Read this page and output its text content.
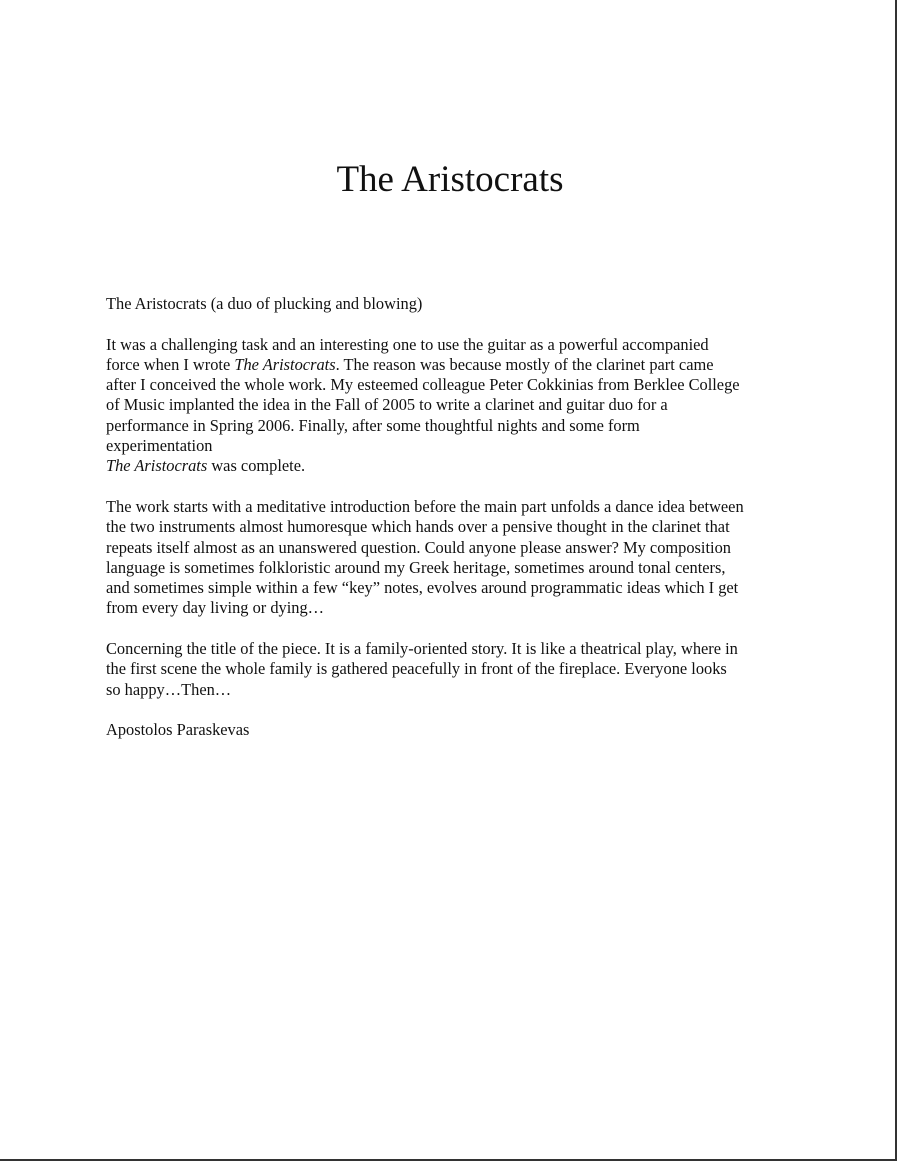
The Aristocrats

The Aristocrats (a duo of plucking and blowing)

It was a challenging task and an interesting one to use the guitar as a powerful accompanied
force when I wrote The Aristocrats. The reason was because mostly of the clarinet part came
after I conceived the whole work. My esteemed colleague Peter Cokkinias from Berklee College
of Music implanted the idea in the Fall of 2005 to write a clarinet and guitar duo for a
performance in Spring 2006. Finally, after some thoughtful nights and some form
experimentation
The Aristocrats was complete.

The work starts with a meditative introduction before the main part unfolds a dance idea between
the two instruments almost humoresque which hands over a pensive thought in the clarinet that
repeats itself almost as an unanswered question. Could anyone please answer? My composition
language is sometimes folkloristic around my Greek heritage, sometimes around tonal centers,
and sometimes simple within a few “key” notes, evolves around programmatic ideas which I get
from every day living or dying…

Concerning the title of the piece. It is a family-oriented story. It is like a theatrical play, where in
the first scene the whole family is gathered peacefully in front of the fireplace. Everyone looks
so happy…Then…

Apostolos Paraskevas
